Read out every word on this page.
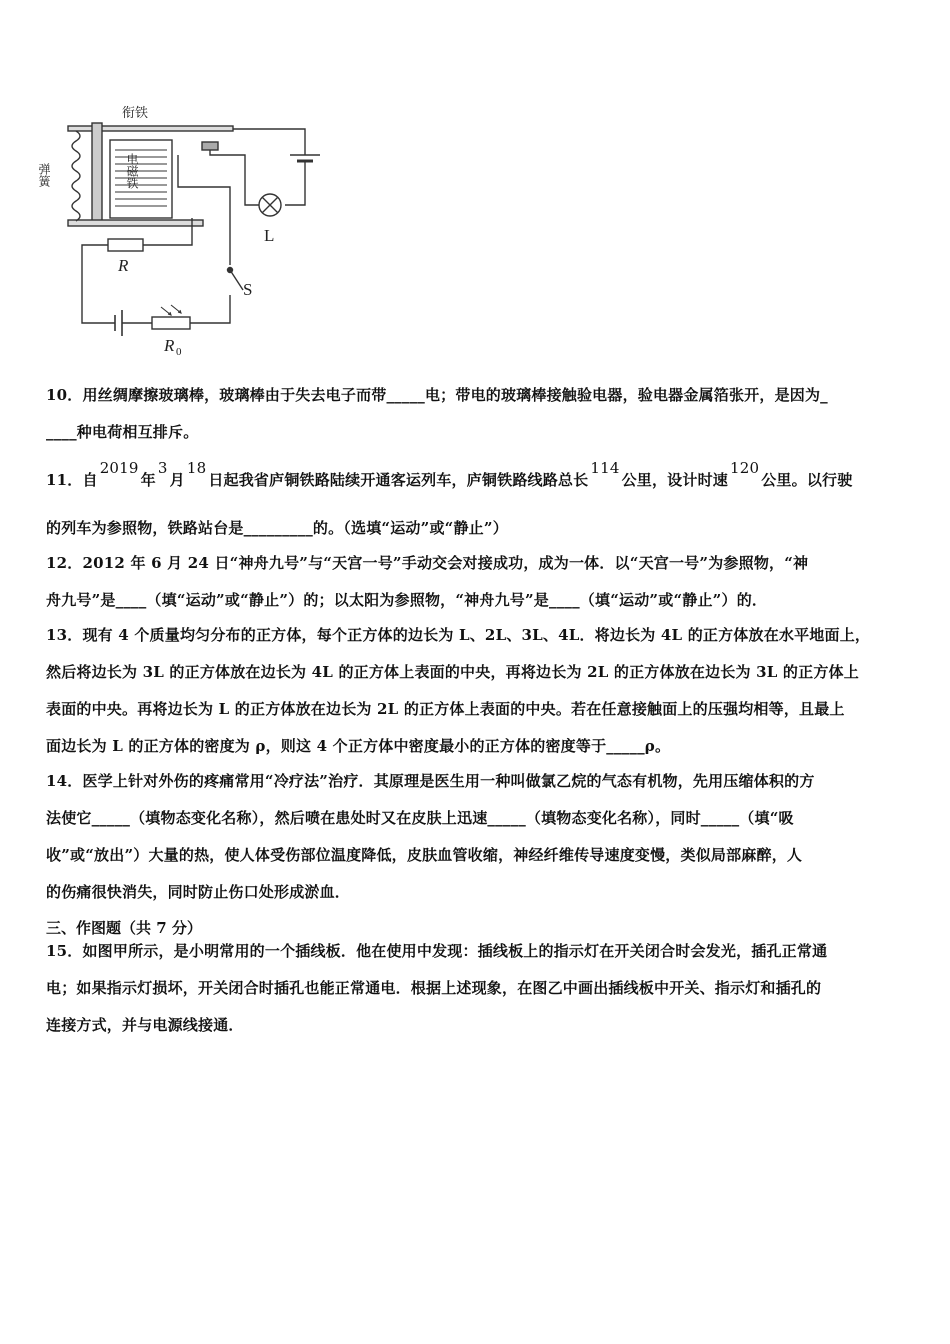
衔铁
弹簧	电磁铁
L
R
S
R 0
10．用丝绸摩擦玻璃棒，玻璃棒由于失去电子而带_____电；带电的玻璃棒接触验电器，验电器金属箔张开，是因为_
____种电荷相互排斥。
11．自2019年3月18日起我省庐铜铁路陆续开通客运列车，庐铜铁路线路总长114公里，设计时速120公里。以行驶
的列车为参照物，铁路站台是_________的。（选填“运动”或“静止”）
12．2012 年 6 月 24 日“神舟九号”与“天宫一号”手动交会对接成功，成为一体．以“天宫一号”为参照物，“神
舟九号”是____（填“运动”或“静止”）的；以太阳为参照物，“神舟九号”是____（填“运动”或“静止”）的．
13．现有 4 个质量均匀分布的正方体，每个正方体的边长为 L、2L、3L、4L．将边长为 4L 的正方体放在水平地面上，
然后将边长为 3L 的正方体放在边长为 4L 的正方体上表面的中央，再将边长为 2L 的正方体放在边长为 3L 的正方体上
表面的中央。再将边长为 L 的正方体放在边长为 2L 的正方体上表面的中央。若在任意接触面上的压强均相等，且最上
面边长为 L 的正方体的密度为 ρ，则这 4 个正方体中密度最小的正方体的密度等于_____ρ。
14．医学上针对外伤的疼痛常用“冷疗法”治疗．其原理是医生用一种叫做氯乙烷的气态有机物，先用压缩体积的方
法使它_____（填物态变化名称），然后喷在患处时又在皮肤上迅速_____（填物态变化名称），同时_____（填“吸
收”或“放出”）大量的热，使人体受伤部位温度降低，皮肤血管收缩，神经纤维传导速度变慢，类似局部麻醉，人
的伤痛很快消失，同时防止伤口处形成淤血．
三、作图题（共 7 分）
15．如图甲所示，是小明常用的一个插线板．他在使用中发现：插线板上的指示灯在开关闭合时会发光，插孔正常通
电；如果指示灯损坏，开关闭合时插孔也能正常通电．根据上述现象，在图乙中画出插线板中开关、指示灯和插孔的
连接方式，并与电源线接通．
